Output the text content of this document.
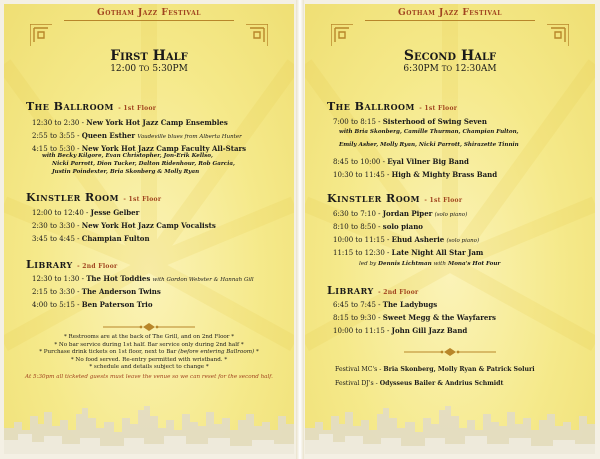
Gotham Jazz Festival
First Half
12:00 TO 5:30PM
The Ballroom - 1st Floor
12:30 to 2:30 - New York Hot Jazz Camp Ensembles
2:55 to 3:55 - Queen Esther Vaudeville blues from Alberta Hunter
4:15 to 5:30 - New York Hot Jazz Camp Faculty All-Stars
with Becky Kilgore, Evan Christopher, Jon-Erik Kellso,
Nicki Parrott, Dion Tucker, Dalton Ridenhour, Rob Garcia,
Justin Poindexter, Bria Skonberg & Molly Ryan
Kinstler Room - 1st Floor
12:00 to 12:40 - Jesse Gelber
2:30 to 3:30 - New York Hot Jazz Camp Vocalists
3:45 to 4:45 - Champian Fulton
Library - 2nd Floor
12:30 to 1:30 - The Hot Toddies with Gordon Webster & Hannah Gill
2:15 to 3:30 - The Anderson Twins
4:00 to 5:15 - Ben Paterson Trio
* Restrooms are at the back of The Grill, and on 2nd Floor *
* No bar service during 1st half. Bar service only during 2nd half *
* Purchase drink tickets on 1st floor, next to Bar (before entering Ballroom) *
* No food served. Re-entry permitted with wristband. *
* schedule and details subject to change *
At 5:30pm all ticketed guests must leave the venue so we can reset for the second half.
Gotham Jazz Festival
Second Half
6:30PM TO 12:30AM
The Ballroom - 1st Floor
7:00 to 8:15 - Sisterhood of Swing Seven
with Bria Skonberg, Camille Thurman, Champian Fulton,
Emily Asher, Molly Ryan, Nicki Parrott, Shirazette Tinnin
8:45 to 10:00 - Eyal Vilner Big Band
10:30 to 11:45 - High & Mighty Brass Band
Kinstler Room - 1st Floor
6:30 to 7:10 - Jordan Piper (solo piano)
8:10 to 8:50 - solo piano
10:00 to 11:15 - Ehud Asherie (solo piano)
11:15 to 12:30 - Late Night All Star Jam
led by Dennis Lichtman with Mona's Hot Four
Library - 2nd Floor
6:45 to 7:45 - The Ladybugs
8:15 to 9:30 - Sweet Megg & the Wayfarers
10:00 to 11:15 - John Gill Jazz Band
Festival MC's - Bria Skonberg, Molly Ryan & Patrick Soluri
Festival DJ's - Odysseus Bailer & Andrius Schmidt
